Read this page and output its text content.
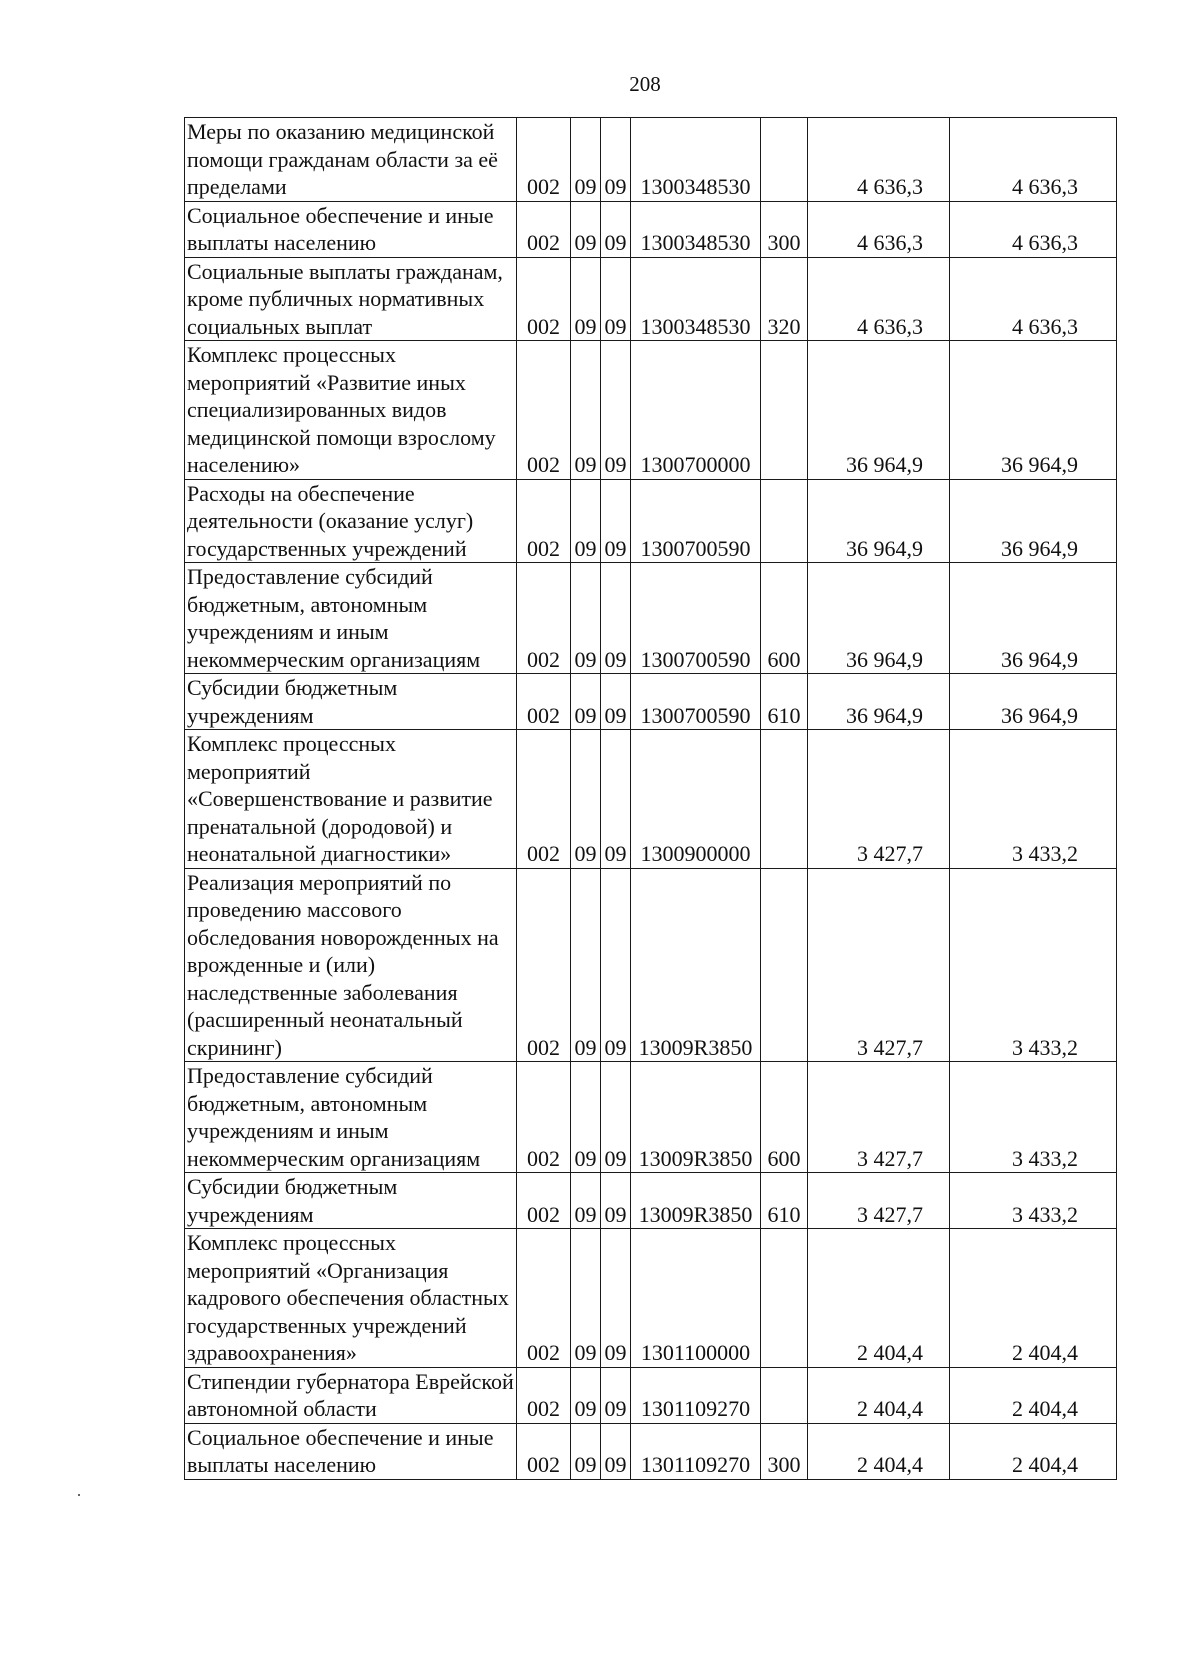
208
Меры по оказанию медицинской помощи гражданам области за её пределами	002	09	09	1300348530		4 636,3	4 636,3
Социальное обеспечение и иные выплаты населению	002	09	09	1300348530	300	4 636,3	4 636,3
Социальные выплаты гражданам, кроме публичных нормативных социальных выплат	002	09	09	1300348530	320	4 636,3	4 636,3
Комплекс процессных мероприятий «Развитие иных специализированных видов медицинской помощи взрослому населению»	002	09	09	1300700000		36 964,9	36 964,9
Расходы на обеспечение деятельности (оказание услуг) государственных учреждений	002	09	09	1300700590		36 964,9	36 964,9
Предоставление субсидий бюджетным, автономным учреждениям и иным некоммерческим организациям	002	09	09	1300700590	600	36 964,9	36 964,9
Субсидии бюджетным учреждениям	002	09	09	1300700590	610	36 964,9	36 964,9
Комплекс процессных мероприятий «Совершенствование и развитие пренатальной (дородовой) и неонатальной диагностики»	002	09	09	1300900000		3 427,7	3 433,2
Реализация мероприятий по проведению массового обследования новорожденных на врожденные и (или) наследственные заболевания (расширенный неонатальный скрининг)	002	09	09	13009R3850		3 427,7	3 433,2
Предоставление субсидий бюджетным, автономным учреждениям и иным некоммерческим организациям	002	09	09	13009R3850	600	3 427,7	3 433,2
Субсидии бюджетным учреждениям	002	09	09	13009R3850	610	3 427,7	3 433,2
Комплекс процессных мероприятий «Организация кадрового обеспечения областных государственных учреждений здравоохранения»	002	09	09	1301100000		2 404,4	2 404,4
Стипендии губернатора Еврейской автономной области	002	09	09	1301109270		2 404,4	2 404,4
Социальное обеспечение и иные выплаты населению	002	09	09	1301109270	300	2 404,4	2 404,4
